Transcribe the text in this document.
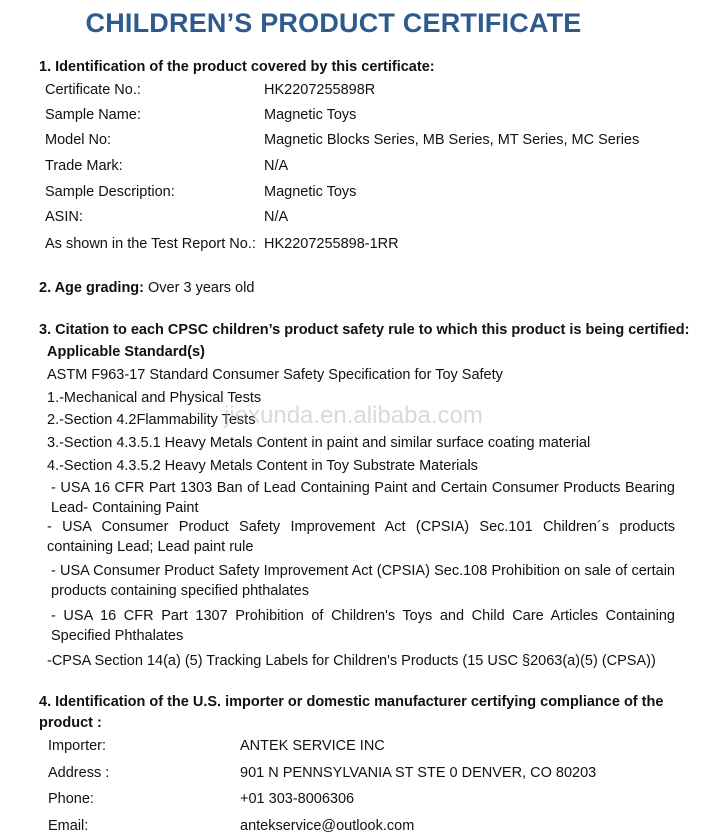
CHILDREN’S PRODUCT CERTIFICATE
1. Identification of the product covered by this certificate:
Certificate No.:	HK2207255898R
Sample Name:	Magnetic Toys
Model No:	Magnetic Blocks Series, MB Series, MT Series, MC Series
Trade Mark:	N/A
Sample Description:	Magnetic Toys
ASIN:	N/A
As shown in the Test Report No.: HK2207255898-1RR
2. Age grading: Over 3 years old
3. Citation to each CPSC children’s product safety rule to which this product is being certified:
Applicable Standard(s)
ASTM F963-17 Standard Consumer Safety Specification for Toy Safety
1.-Mechanical and Physical Tests
2.-Section 4.2Flammability Tests
3.-Section 4.3.5.1 Heavy Metals Content in paint and similar surface coating material
4.-Section 4.3.5.2 Heavy Metals Content in Toy Substrate Materials
- USA 16 CFR Part 1303 Ban of Lead Containing Paint and Certain Consumer Products Bearing Lead- Containing Paint
- USA Consumer Product Safety Improvement Act (CPSIA) Sec.101 Children´s products containing Lead; Lead paint rule
- USA Consumer Product Safety Improvement Act (CPSIA) Sec.108 Prohibition on sale of certain products containing specified phthalates
- USA 16 CFR Part 1307 Prohibition of Children's Toys and Child Care Articles Containing Specified Phthalates
-CPSA Section 14(a) (5) Tracking Labels for Children's Products (15 USC §2063(a)(5) (CPSA))
4. Identification of the U.S. importer or domestic manufacturer certifying compliance of the
product :
Importer:	ANTEK SERVICE INC
Address :	901 N PENNSYLVANIA ST STE 0 DENVER, CO 80203
Phone:	+01 303-8006306
Email:	antekservice@outlook.com
jiexunda.en.alibaba.com
